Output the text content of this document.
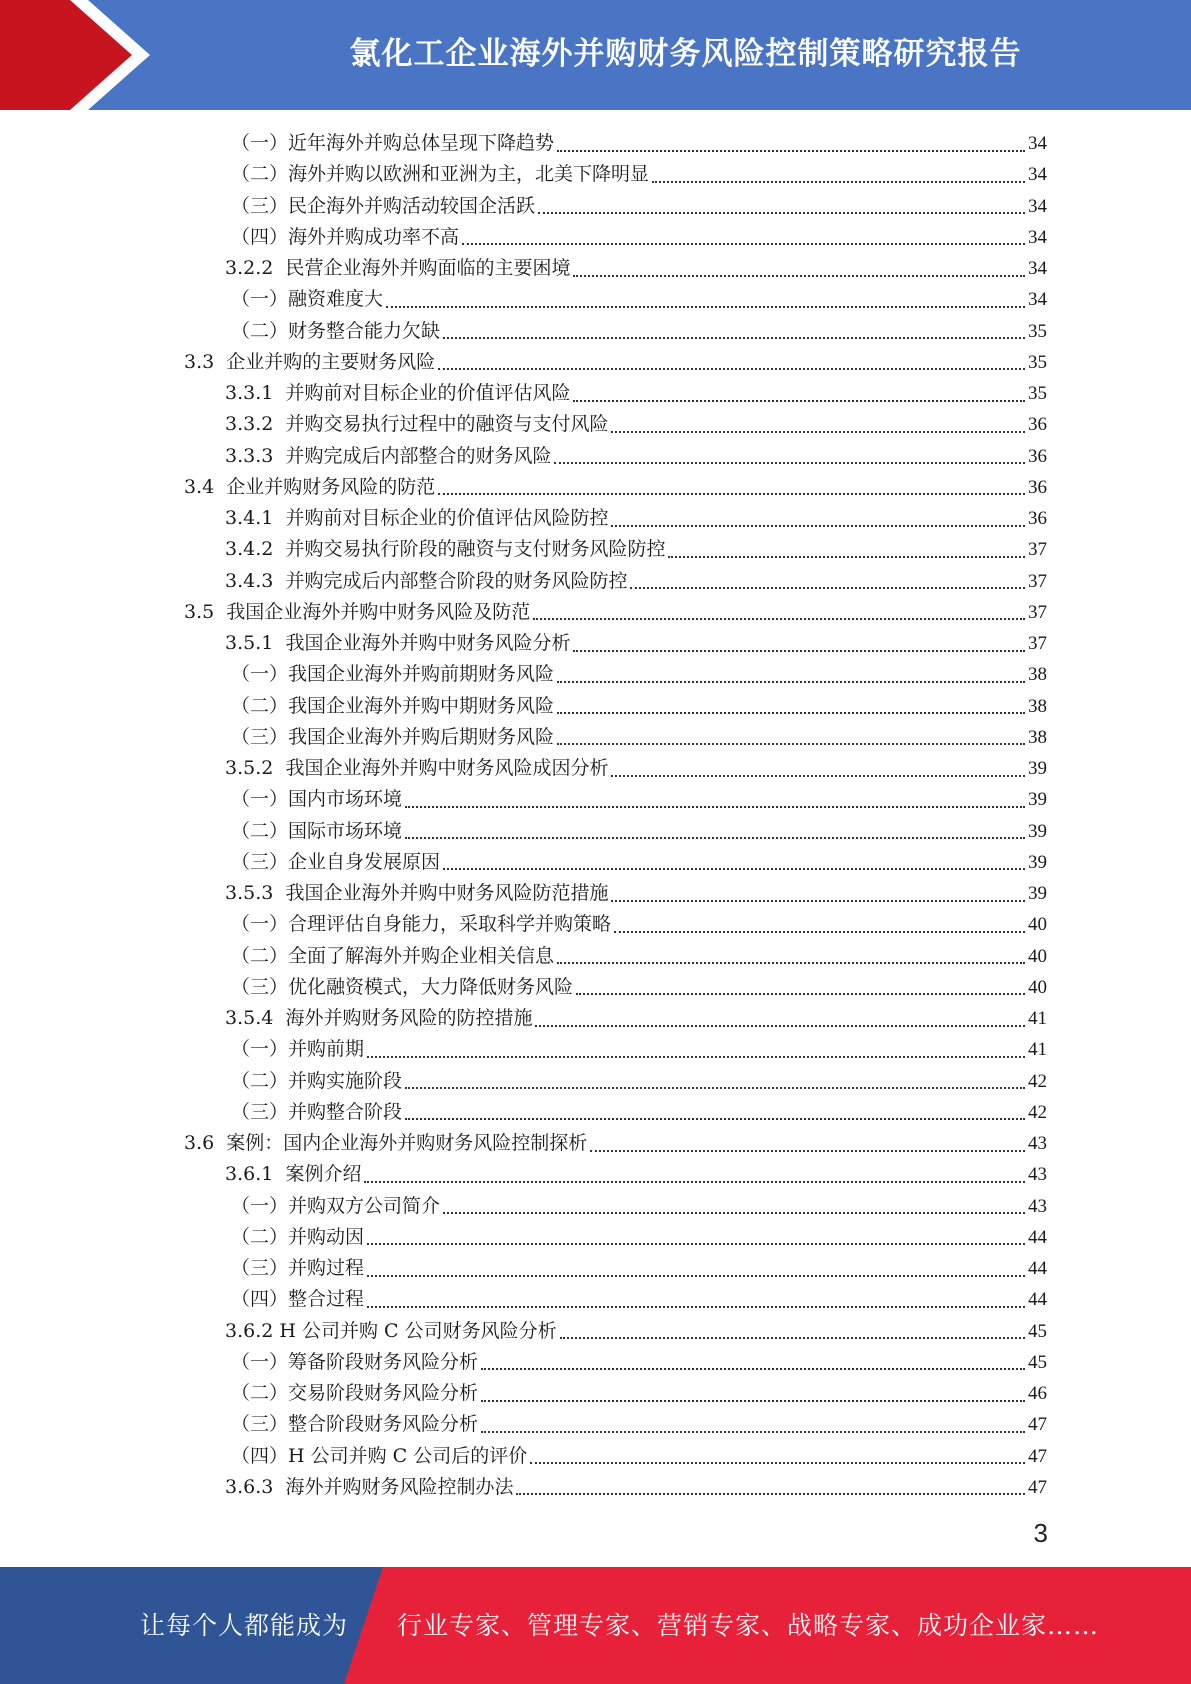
氯化工企业海外并购财务风险控制策略研究报告
（一） 近年海外并购总体呈现下降趋势	34
（二） 海外并购以欧洲和亚洲为主，北美下降明显	34
（三） 民企海外并购活动较国企活跃	34
（四） 海外并购成功率不高	34
3.2.2 民营企业海外并购面临的主要困境	34
（一） 融资难度大	34
（二） 财务整合能力欠缺	35
3.3 企业并购的主要财务风险	35
3.3.1 并购前对目标企业的价值评估风险	35
3.3.2 并购交易执行过程中的融资与支付风险	36
3.3.3 并购完成后内部整合的财务风险	36
3.4 企业并购财务风险的防范	36
3.4.1 并购前对目标企业的价值评估风险防控	36
3.4.2 并购交易执行阶段的融资与支付财务风险防控	37
3.4.3 并购完成后内部整合阶段的财务风险防控	37
3.5 我国企业海外并购中财务风险及防范	37
3.5.1 我国企业海外并购中财务风险分析	37
（一） 我国企业海外并购前期财务风险	38
（二） 我国企业海外并购中期财务风险	38
（三） 我国企业海外并购后期财务风险	38
3.5.2 我国企业海外并购中财务风险成因分析	39
（一） 国内市场环境	39
（二） 国际市场环境	39
（三） 企业自身发展原因	39
3.5.3 我国企业海外并购中财务风险防范措施	39
（一） 合理评估自身能力，采取科学并购策略	40
（二） 全面了解海外并购企业相关信息	40
（三） 优化融资模式，大力降低财务风险	40
3.5.4 海外并购财务风险的防控措施	41
（一） 并购前期	41
（二） 并购实施阶段	42
（三） 并购整合阶段	42
3.6 案例：国内企业海外并购财务风险控制探析	43
3.6.1 案例介绍	43
（一） 并购双方公司简介	43
（二） 并购动因	44
（三） 并购过程	44
（四） 整合过程	44
3.6.2 H 公司并购 C 公司财务风险分析	45
（一） 筹备阶段财务风险分析	45
（二） 交易阶段财务风险分析	46
（三） 整合阶段财务风险分析	47
（四） H 公司并购 C 公司后的评价	47
3.6.3 海外并购财务风险控制办法	47
3
让每个人都能成为 行业专家、管理专家、营销专家、战略专家、成功企业家……
